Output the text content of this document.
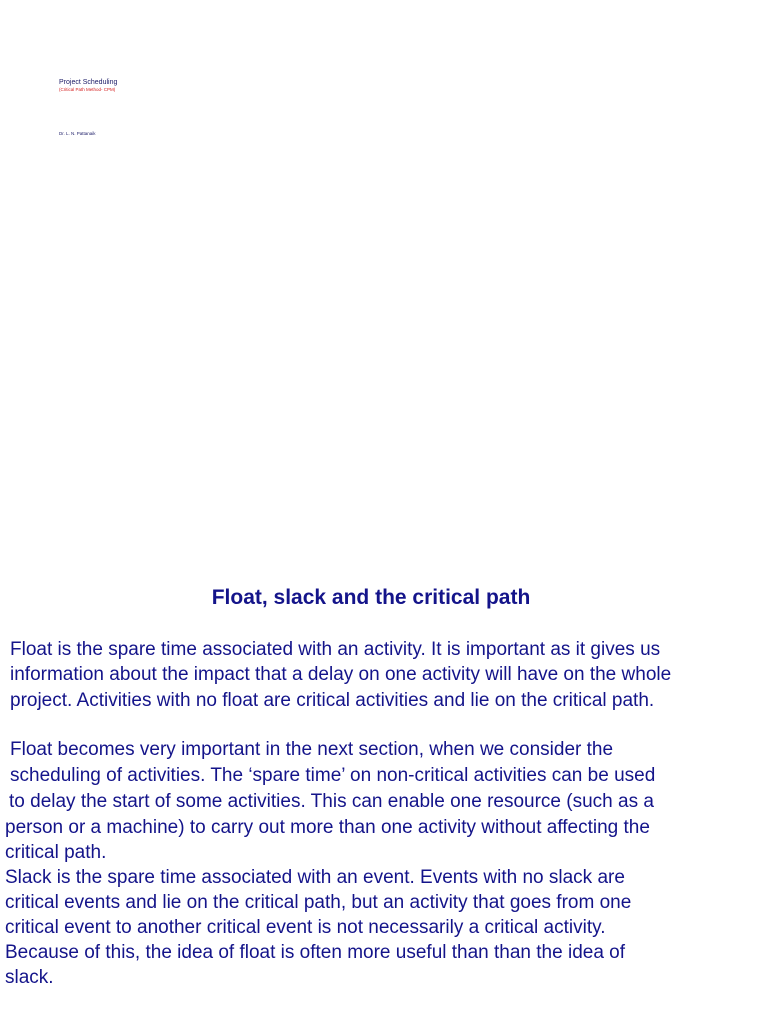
Project Scheduling
(Critical Path Method- CPM)
Dr. L. N. Pattanaik
Float, slack and the critical path
Float is the spare time associated with an activity. It is important as it gives us
information about the impact that a delay on one activity will have on the whole
project. Activities with no float are critical activities and lie on the critical path.
Float becomes very important in the next section, when we consider the
scheduling of activities. The ‘spare time’ on non-critical activities can be used
to delay the start of some activities. This can enable one resource (such as a
person or a machine) to carry out more than one activity without affecting the
critical path.
Slack is the spare time associated with an event. Events with no slack are
critical events and lie on the critical path, but an activity that goes from one
critical event to another critical event is not necessarily a critical activity.
Because of this, the idea of float is often more useful than than the idea of
slack.
